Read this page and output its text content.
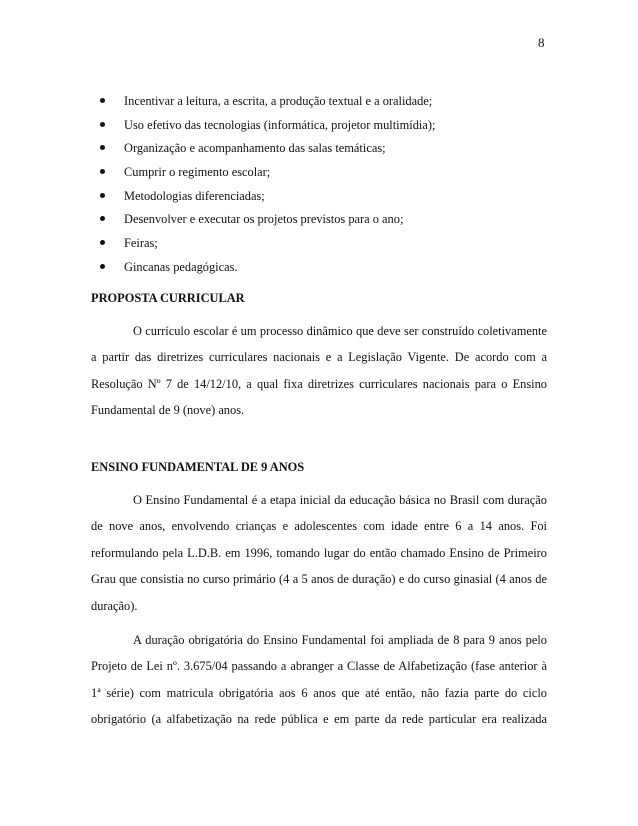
8
Incentivar a leitura, a escrita, a produção textual e a oralidade;
Uso efetivo das tecnologias (informática, projetor multimídia);
Organização e acompanhamento das salas temáticas;
Cumprir o regimento escolar;
Metodologias diferenciadas;
Desenvolver e executar os projetos previstos para o ano;
Feiras;
Gincanas pedagógicas.
PROPOSTA CURRICULAR
O currículo escolar é um processo dinâmico que deve ser construído coletivamente
a partir das diretrizes curriculares nacionais e a Legislação Vigente. De acordo com a
Resolução Nº 7 de 14/12/10, a qual fixa diretrizes curriculares nacionais para o Ensino
Fundamental de 9 (nove) anos.
ENSINO FUNDAMENTAL DE 9 ANOS
O Ensino Fundamental é a etapa inicial da educação básica no Brasil com duração
de nove anos, envolvendo crianças e adolescentes com idade entre 6 a 14 anos. Foi
reformulando pela L.D.B. em 1996, tomando lugar do então chamado Ensino de Primeiro
Grau que consistia no curso primário (4 a 5 anos de duração) e do curso ginasial (4 anos de
duração).
A duração obrigatória do Ensino Fundamental foi ampliada de 8 para 9 anos pelo
Projeto de Lei nº. 3.675/04 passando a abranger a Classe de Alfabetização (fase anterior à
1ª série) com matricula obrigatória aos 6 anos que até então, não fazia parte do ciclo
obrigatório (a alfabetização na rede pública e em parte da rede particular era realizada
